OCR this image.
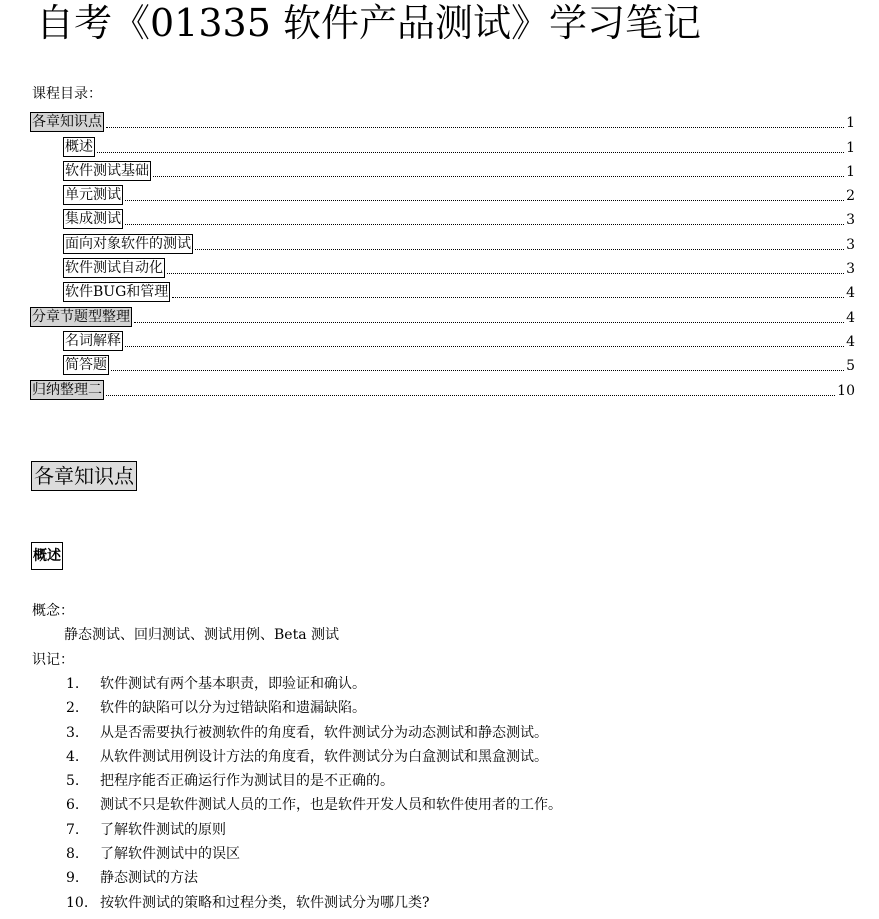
自考《01335 软件产品测试》学习笔记
课程目录：
各章知识点	1
概述	1
软件测试基础	1
单元测试	2
集成测试	3
面向对象软件的测试	3
软件测试自动化	3
软件BUG和管理	4
分章节题型整理	4
名词解释	4
简答题	5
归纳整理二	10
各章知识点
概述
概念：
静态测试、回归测试、测试用例、Beta 测试
识记：
1.	软件测试有两个基本职责，即验证和确认。
2.	软件的缺陷可以分为过错缺陷和遗漏缺陷。
3.	从是否需要执行被测软件的角度看，软件测试分为动态测试和静态测试。
4.	从软件测试用例设计方法的角度看，软件测试分为白盒测试和黑盒测试。
5.	把程序能否正确运行作为测试目的是不正确的。
6.	测试不只是软件测试人员的工作，也是软件开发人员和软件使用者的工作。
7.	了解软件测试的原则
8.	了解软件测试中的误区
9.	静态测试的方法
10. 按软件测试的策略和过程分类，软件测试分为哪几类?
